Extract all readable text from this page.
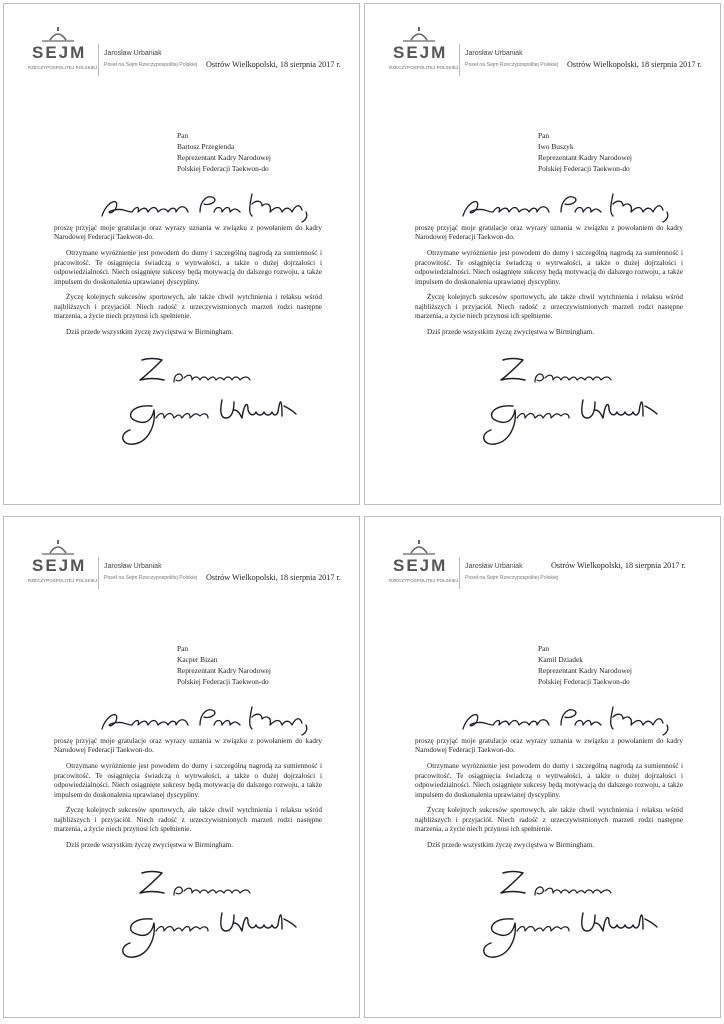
SEJM
RZECZYPOSPOLITEJ POLSKIEJ
Jarosław Urbaniak
Poseł na Sejm Rzeczypospolitej Polskiej Ostrów Wielkopolski, 18 sierpnia 2017 r.
Pan
Bartosz Przegienda
Reprezentant Kadry Narodowej
Polskiej Federacji Taekwon-do

proszę przyjąć moje gratulacje oraz wyrazy uznania w związku z powołaniem do kadry Narodowej Federacji Taekwon-do.

Otrzymane wyróżnienie jest powodem do dumy i szczególną nagrodą za sumienność i pracowitość. Te osiągnięcia świadczą o wytrwałości, a także o dużej dojrzałości i odpowiedzialności. Niech osiągnięte sukcesy będą motywacją do dalszego rozwoju, a także impulsem do doskonalenia uprawianej dyscypliny.

Życzę kolejnych sukcesów sportowych, ale także chwil wytchnienia i relaksu wśród najbliższych i przyjaciół. Niech radość z urzeczywistnionych marzeń rodzi następne marzenia, a życie niech przynosi ich spełnienie.

Dziś przede wszystkim życzę zwycięstwa w Birmingham.

SEJM
RZECZYPOSPOLITEJ POLSKIEJ
Jarosław Urbaniak
Poseł na Sejm Rzeczypospolitej Polskiej Ostrów Wielkopolski, 18 sierpnia 2017 r.
Pan
Iwo Buszyk
Reprezentant Kadry Narodowej
Polskiej Federacji Taekwon-do

proszę przyjąć moje gratulacje oraz wyrazy uznania w związku z powołaniem do kadry Narodowej Federacji Taekwon-do.

Otrzymane wyróżnienie jest powodem do dumy i szczególną nagrodą za sumienność i pracowitość. Te osiągnięcia świadczą o wytrwałości, a także o dużej dojrzałości i odpowiedzialności. Niech osiągnięte sukcesy będą motywacją do dalszego rozwoju, a także impulsem do doskonalenia uprawianej dyscypliny.

Życzę kolejnych sukcesów sportowych, ale także chwil wytchnienia i relaksu wśród najbliższych i przyjaciół. Niech radość z urzeczywistnionych marzeń rodzi następne marzenia, a życie niech przynosi ich spełnienie.

Dziś przede wszystkim życzę zwycięstwa w Birmingham.

SEJM
RZECZYPOSPOLITEJ POLSKIEJ
Jarosław Urbaniak
Poseł na Sejm Rzeczypospolitej Polskiej Ostrów Wielkopolski, 18 sierpnia 2017 r.
Pan
Kacper Bizan
Reprezentant Kadry Narodowej
Polskiej Federacji Taekwon-do

proszę przyjąć moje gratulacje oraz wyrazy uznania w związku z powołaniem do kadry Narodowej Federacji Taekwon-do.

Otrzymane wyróżnienie jest powodem do dumy i szczególną nagrodą za sumienność i pracowitość. Te osiągnięcia świadczą o wytrwałości, a także o dużej dojrzałości i odpowiedzialności. Niech osiągnięte sukcesy będą motywacją do dalszego rozwoju, a także impulsem do doskonalenia uprawianej dyscypliny.

Życzę kolejnych sukcesów sportowych, ale także chwil wytchnienia i relaksu wśród najbliższych i przyjaciół. Niech radość z urzeczywistnionych marzeń rodzi następne marzenia, a życie niech przynosi ich spełnienie.

Dziś przede wszystkim życzę zwycięstwa w Birmingham.

SEJM
RZECZYPOSPOLITEJ POLSKIEJ
Jarosław Urbaniak
Poseł na Sejm Rzeczypospolitej Polskiej
Ostrów Wielkopolski, 18 sierpnia 2017 r.
Pan
Kamil Dziadek
Reprezentant Kadry Narodowej
Polskiej Federacji Taekwon-do

proszę przyjąć moje gratulacje oraz wyrazy uznania w związku z powołaniem do kadry Narodowej Federacji Taekwon-do.

Otrzymane wyróżnienie jest powodem do dumy i szczególną nagrodą za sumienność i pracowitość. Te osiągnięcia świadczą o wytrwałości, a także o dużej dojrzałości i odpowiedzialności. Niech osiągnięte sukcesy będą motywacją do dalszego rozwoju, a także impulsem do doskonalenia uprawianej dyscypliny.

Życzę kolejnych sukcesów sportowych, ale także chwil wytchnienia i relaksu wśród najbliższych i przyjaciół. Niech radość z urzeczywistnionych marzeń rodzi następne marzenia, a życie niech przynosi ich spełnienie.

Dziś przede wszystkim życzę zwycięstwa w Birmingham.
